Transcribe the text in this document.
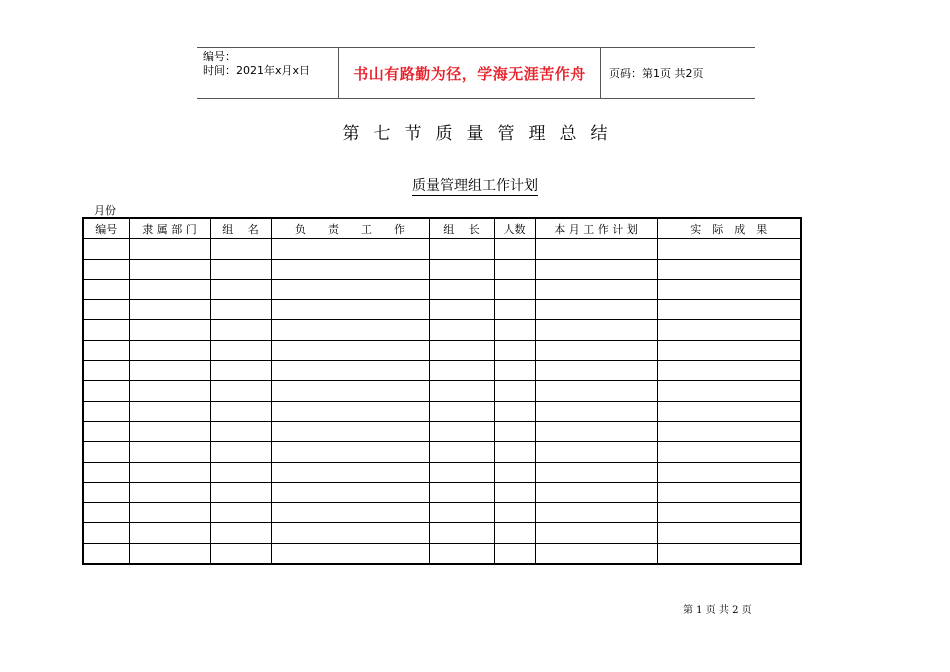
编号：
时间：2021年x月x日	书山有路勤为径，学海无涯苦作舟 页码：第1页 共2页
第七节质量管理总结
质量管理组工作计划
月份
编号	隶 属 部 门	组　 名	负　　责　　工　　作	组　 长	人数	本 月 工 作 计 划	实　际　成　果

第 1 页 共 2 页
